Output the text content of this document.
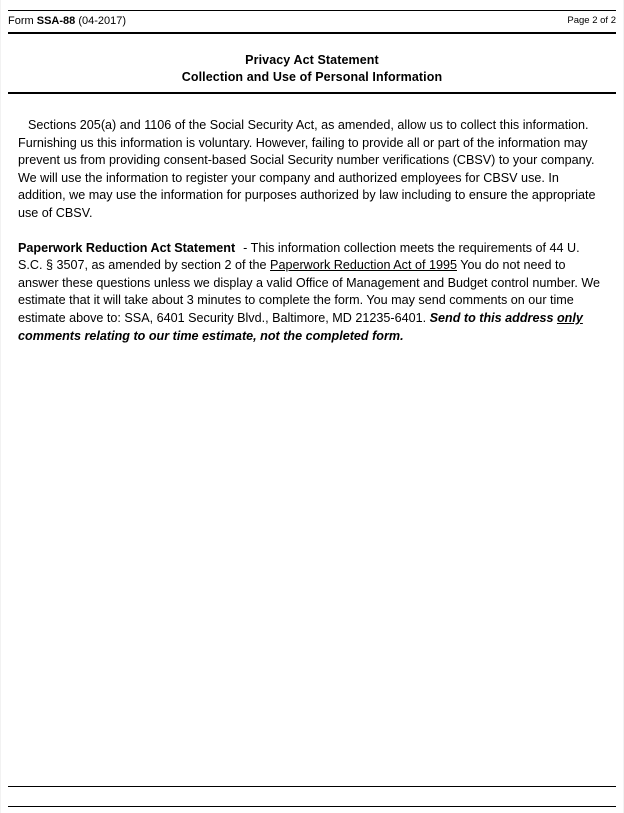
Form SSA-88 (04-2017)	Page 2 of 2
Privacy Act Statement
Collection and Use of Personal Information

Sections 205(a) and 1106 of the Social Security Act, as amended, allow us to collect this information. Furnishing us this information is voluntary. However, failing to provide all or part of the information may prevent us from providing consent-based Social Security number verifications (CBSV) to your company. We will use the information to register your company and authorized employees for CBSV use. In addition, we may use the information for purposes authorized by law including to ensure the appropriate use of CBSV.

Paperwork Reduction Act Statement - This information collection meets the requirements of 44 U. S.C. § 3507, as amended by section 2 of the Paperwork Reduction Act of 1995 You do not need to answer these questions unless we display a valid Office of Management and Budget control number. We estimate that it will take about 3 minutes to complete the form. You may send comments on our time estimate above to: SSA, 6401 Security Blvd., Baltimore, MD 21235-6401. Send to this address only comments relating to our time estimate, not the completed form.
